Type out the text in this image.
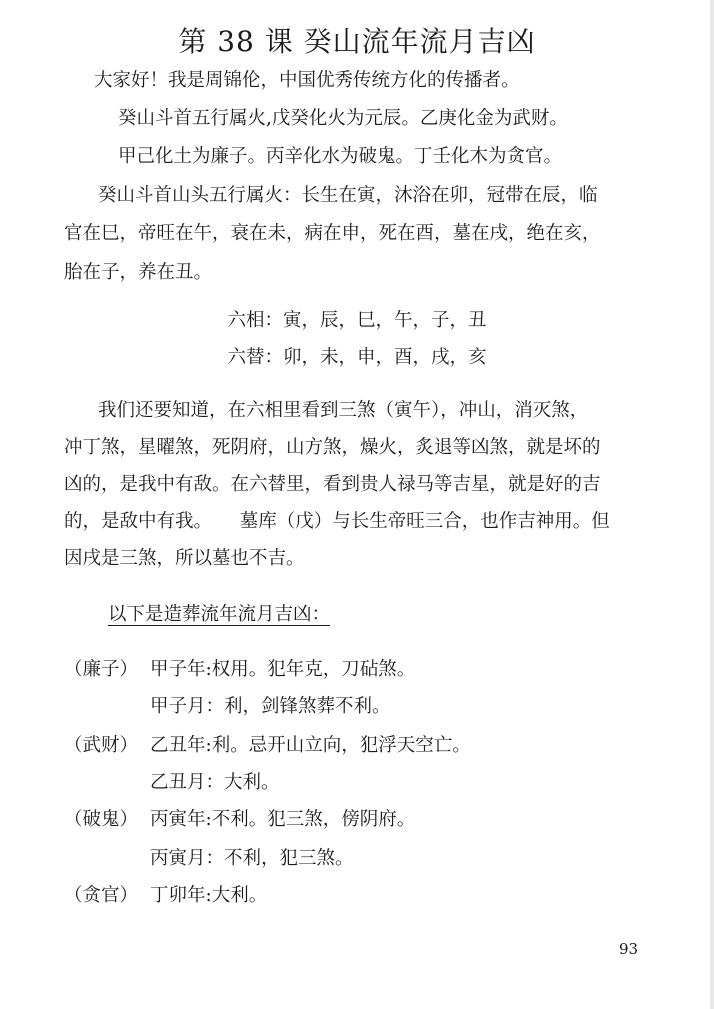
第 38 课 癸山流年流月吉凶
大家好！我是周锦伦，中国优秀传统方化的传播者。
癸山斗首五行属火,戊癸化火为元辰。乙庚化金为武财。
甲己化土为廉子。丙辛化水为破鬼。丁壬化木为贪官。
癸山斗首山头五行属火：长生在寅，沐浴在卯，冠带在辰，临
官在巳，帝旺在午，衰在未，病在申，死在酉，墓在戌，绝在亥，
胎在子，养在丑。
六相：寅，辰，巳，午，子，丑
六替：卯，未，申，酉，戌，亥
我们还要知道，在六相里看到三煞（寅午），冲山，消灭煞，
冲丁煞，星曜煞，死阴府，山方煞，燥火，炙退等凶煞，就是坏的
凶的，是我中有敌。在六替里，看到贵人禄马等吉星，就是好的吉
的，是敌中有我。　　墓库（戊）与长生帝旺三合，也作吉神用。但
因戌是三煞，所以墓也不吉。
以下是造葬流年流月吉凶：
（廉子） 甲子年:权用。犯年克，刀砧煞。
甲子月：利，剑锋煞葬不利。
（武财） 乙丑年:利。忌开山立向，犯浮天空亡。
乙丑月：大利。
（破鬼） 丙寅年:不利。犯三煞，傍阴府。
丙寅月：不利，犯三煞。
（贪官） 丁卯年:大利。
93
